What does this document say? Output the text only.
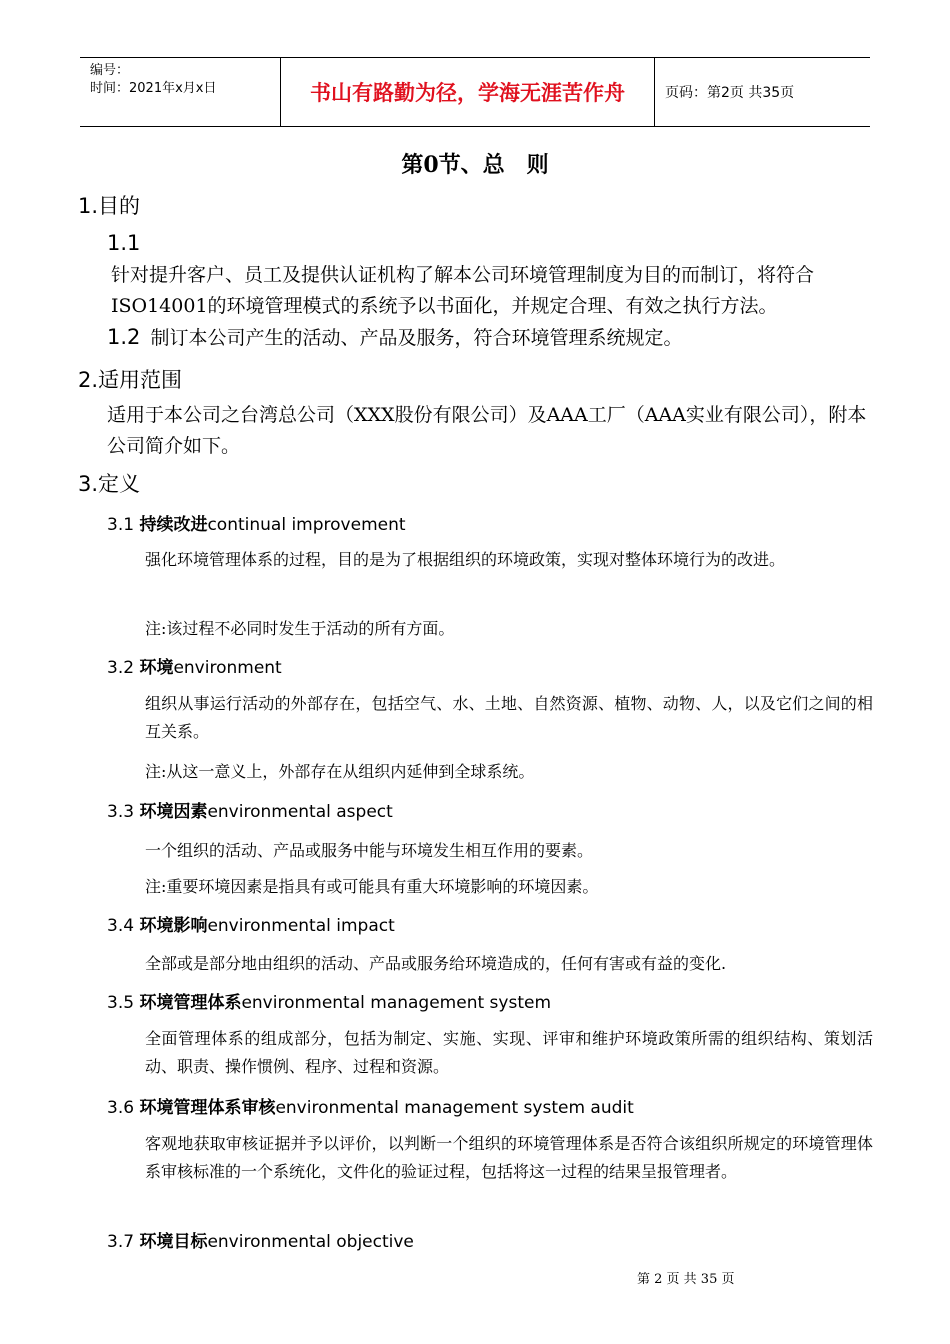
编号：
时间：2021年x月x日	书山有路勤为径，学海无涯苦作舟	页码：第2页 共35页
第0节、总　则
1.目的
1.1 针对提升客户、员工及提供认证机构了解本公司环境管理制度为目的而制订，将符合ISO14001的环境管理模式的系统予以书面化，并规定合理、有效之执行方法。
1.2 制订本公司产生的活动、产品及服务，符合环境管理系统规定。
2.适用范围
适用于本公司之台湾总公司（XXX股份有限公司）及AAA工厂（AAA实业有限公司），附本公司简介如下。
3.定义
3.1 持续改进continual improvement
强化环境管理体系的过程，目的是为了根据组织的环境政策，实现对整体环境行为的改进。
注:该过程不必同时发生于活动的所有方面。
3.2 环境environment
组织从事运行活动的外部存在，包括空气、水、土地、自然资源、植物、动物、人，以及它们之间的相互关系。
注:从这一意义上，外部存在从组织内延伸到全球系统。
3.3 环境因素environmental aspect
一个组织的活动、产品或服务中能与环境发生相互作用的要素。
注:重要环境因素是指具有或可能具有重大环境影响的环境因素。
3.4 环境影响environmental impact
全部或是部分地由组织的活动、产品或服务给环境造成的，任何有害或有益的变化.
3.5 环境管理体系environmental management system
全面管理体系的组成部分，包括为制定、实施、实现、评审和维护环境政策所需的组织结构、策划活动、职责、操作惯例、程序、过程和资源。
3.6 环境管理体系审核environmental management system audit
客观地获取审核证据并予以评价，以判断一个组织的环境管理体系是否符合该组织所规定的环境管理体系审核标准的一个系统化，文件化的验证过程，包括将这一过程的结果呈报管理者。
3.7 环境目标environmental objective
第 2 页 共 35 页
